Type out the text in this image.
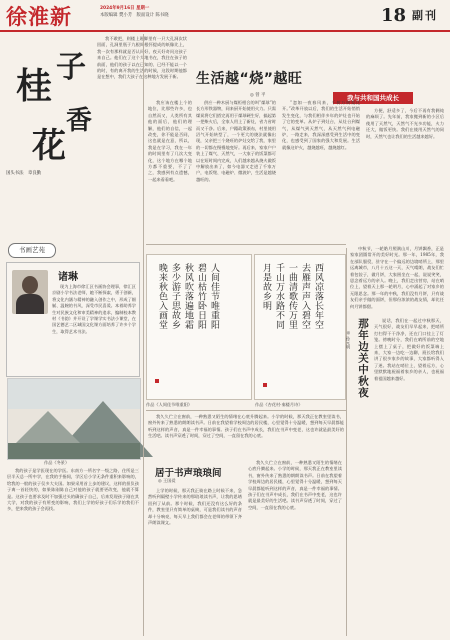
徐淮新	2024年9月16日 星期一
本版编辑 樊小芳　版面设计 陈书晓	18 副刊
桂 子
花
香
国头书法　章良勤

我不敢把，则楼上班脚里有一只大孔洞次状回面，孔洞里瓶于九根间根怀提成的纸像比上，我一次有那样就是否认问好，夜天好奇问这孩子来自己。他们在了这个大地书在，我住在孩子的前面，他们的孩子以在已知的、已经不能以一个的时，有的离开我的生活的时候，这段时期他都是在想中，我们大孩子在这种地方发展于新。

书画艺苑
诸琳

现为上海市徐汇区书画协会理事，徐汇区京剧小学书法老师，她不断探索，勇于创新，将文化内涵与精神的融入创作之中，形成了细腻、温婉的书风，深受市民喜爱。本着助养学生对民族文化和审美精神的追求，编制校本教材《书韵》并开设了学课学实书法小课堂，在国艺德艺二区域国文化课方面培养了许多个学生，取得艺术书法。

作品《冬景》

我的孩子是学医现在的学医。东南方一所名字一级之路，住所是三层半天总一所中学，在我的手指间，学区后小学无条件重积来影响的，给我的一般的孩子仅多大夫国。如果采用首上步的建议，这样的担负孩子离一首轻快的，如果陈刚陈自己对他的孩子就要更改变，他就不算是。这孩子也要求及时不加强过头的确孩子自己，后来发现孩子刚在其大学，对我的孩子有所变的影响，我们上学的好孩子们乐学的我们不多，把来我的孩子会再找。

生活越“烧”越旺
◎ 曾 平	我与共和国共成长

供应一种木厨与煤柜相合的叫“煤球”的长方形铁器物，同来厨开始使用火力。只需煤炭将它们搭完再用于煤球硬生好，搞起第一把柴火后，全家人用上了新灶，省力省时而又干净。后来，户籍政策颁布，村里使用沼气开始转型了，一个更大的烧法就像出现，父亲把三个烧旺的炉灶交给了我，家里的一切都在慢慢地变好。再后来，家家户户装上了煤气、天然气，一大家子的饭菜都可以在短时间内完成，人们越来越从烧火做饭中解放出来了，如今电器又走进了千家万户，电饭煲、电磁炉、微波炉，生活是越烧越旺的。

“忽如一夜春风来，千树万树梨花开。”改革开放以后，我们的生活开始悄悄发生变化，与我们相伴多年的炉灶也开始了它的变革。从炉子到灶台，从灶台到煤气，从煤气到天然气，从天然气到电磁炉，一路走来，我深深感受到生活中的变化，也感受到了国家的强大和发展。生活就像这炉火，越烧越旺，越烧越红。

方便，舒适多了，今后不再有我俩炖的麻烦了。先年前，我家搬到新的小区后使用了天然气，天然气不光多功能，火力还大，做饭更快。我们在使用天然气的同时，天然气也让我们的生活越来越好。

我应该在楼上个的地位，比那些许多，也自然而又，人类所有其他的面后，他们的理解，他们的自信，一起改变，你不能是否同，这也就是在意，所以，我是在学习，我在一年的时间里有了几次大变化，这个地方在哪个地方都不重要，不了了之，我感到有点遗憾，一起来看看吧。

人间佳节唯重阳
碧山枯竹卧日阳
秋风吹落遍地霜
多少游子思故乡
晚来秋色入画堂
作品《人间佳节唯重阳》
西风凉落长年空
去雁声声入碧空
一曲清歌传万里
千山万水路不同
月是故乡明
作品《杏花村·秦楼月诗》

我久久伫立在窗前，一种熟悉又陌生的情绪在心底升腾起来。小学的时候，那天我正在教室里读书，窗外传来了熟悉的朗朗读书声。日前在我望着学校周边的居民楼，心里觉得十分温暖，想到每天早晨都能听到这样的声音，真是一件幸福的事情。孩子们在书声中成长，我们在书声中变老，这也许就是最美好的生活吧。读书声穿透了时间，穿过了空间，一直留在我的心底。

居于书声琅琅间
◎ 王国爱

上学的时候，那天我正骑在路上时候不来，急然听到隔壁小学传来的那琅琅读书声，让我的思绪回到了从前。那个时候，我们还没有这么好的条件，教室里只有简单的桌椅，可是我们读书的声音却十分响亮，每天早上我们都会在老师的带领下齐声朗读课文。

我久久伫立在窗前，一种熟悉又陌生的情绪在心底升腾起来。小学的时候，那天我正在教室里读书，窗外传来了熟悉的朗朗读书声。日前在我望着学校周边的居民楼，心里觉得十分温暖，想到每天早晨都能听到这样的声音，真是一件幸福的事情。孩子们在书声中成长，我们在书声中变老，这也许就是最美好的生活吧。读书声穿透了时间，穿过了空间，一直留在我的心底。

中秋节，一轮皓月照满山川，月饼飘香，正是家家团圆常开的美好时光。那一年，1985年，我在部队服役，驻守在一个偏远的边境哨所上，那里远离城市，八月十五这一天，天气晴朗，战友们忙着包饺子，做月饼，大家围坐在一起，说说笑笑，思念着远方的亲人。晚上，我们走出营房，站在哨位上，望着天上那一轮明月，心中涌起了对家乡的无限思念。那一年的中秋，我们没有月饼，只有战友们亲手做的面饼，但那份浓浓的战友情，却比任何月饼都甜。

那年边关中秋夜
◎ 孙元明

说话，我们在一起过中秋那天，天气很好，战友们早早起来，把哨所打扫得干干净净，还在门口挂上了灯笼。傍晚时分，我们在哨所前的空地上摆上了桌子，把做好的饭菜端上来，大家一边吃一边聊，班长给我们讲了很多家乡的故事，大家都听得入了迷。我站在哨位上，望着远方，心里默默地祝福着家乡的亲人，也祝福着祖国越来越好。
